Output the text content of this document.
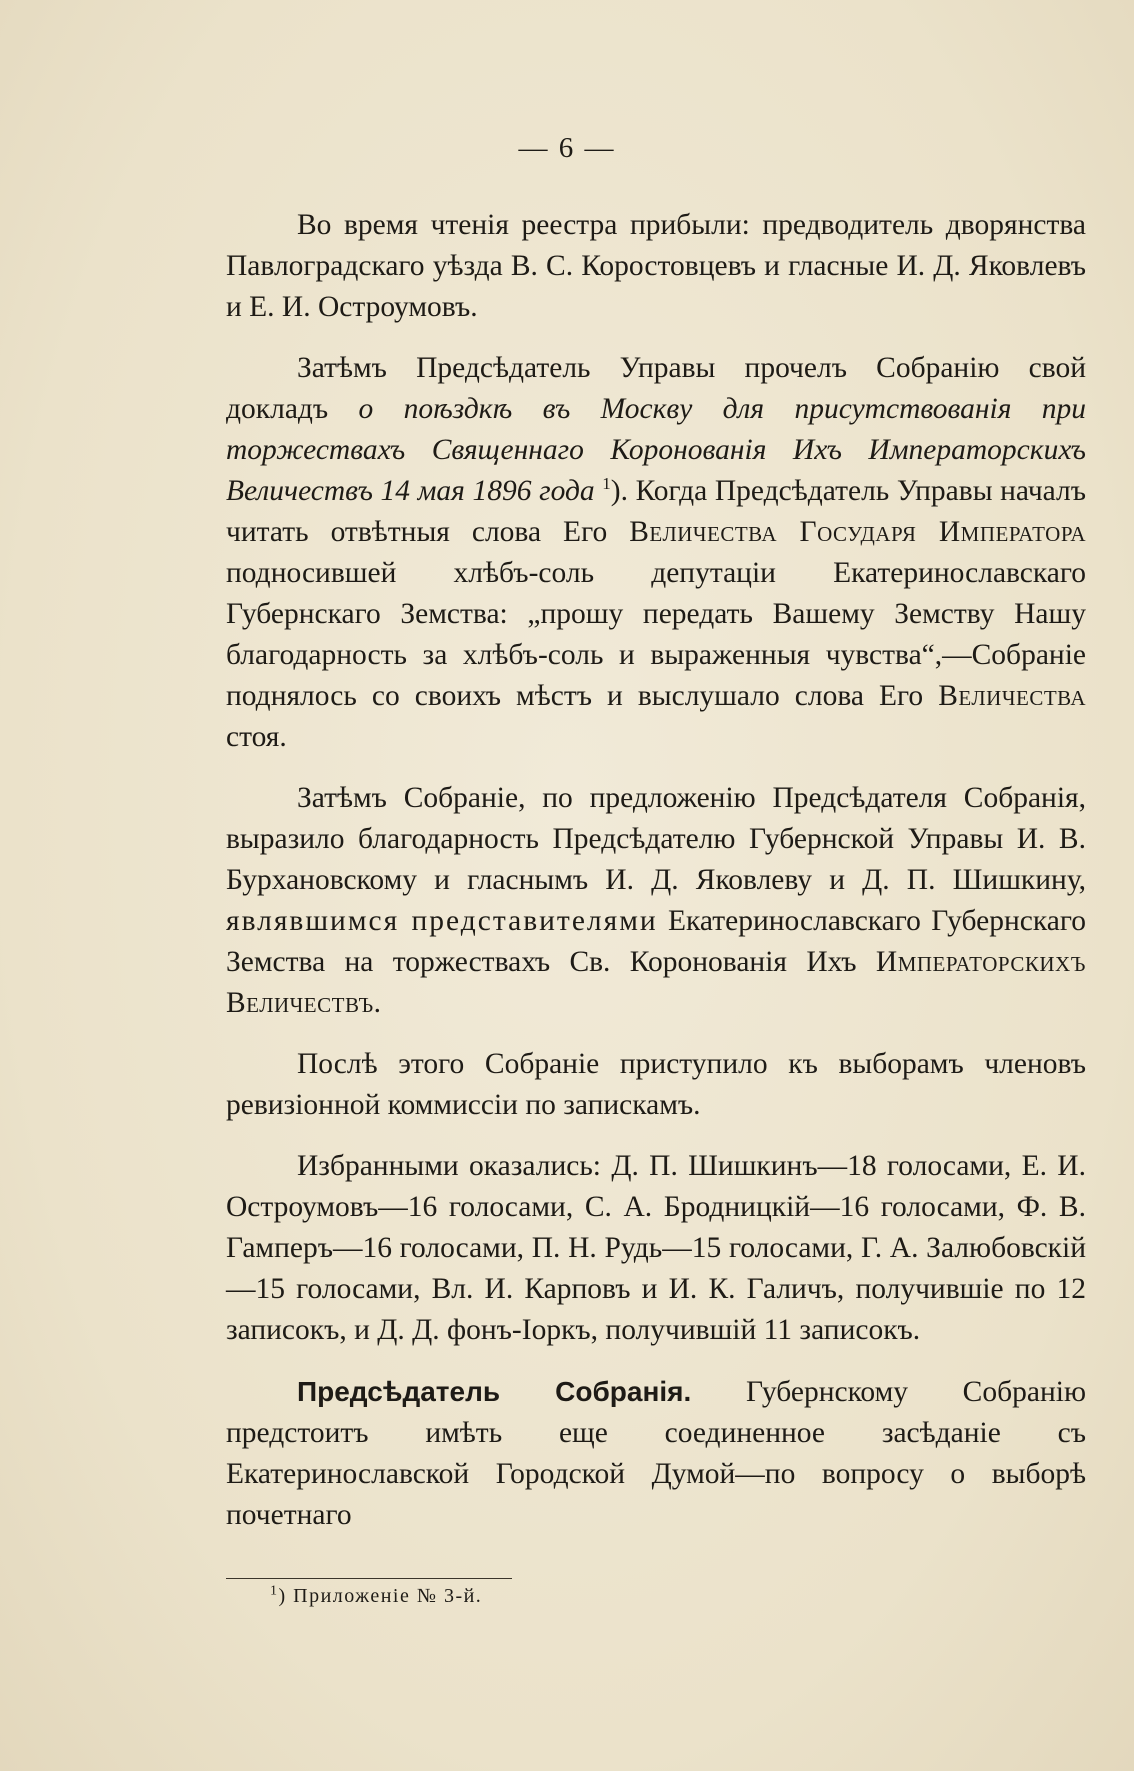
— 6 —

Во время чтенія реестра прибыли: предводитель дворянства Павлоградскаго уѣзда В. С. Коростовцевъ и гласные И. Д. Яковлевъ и Е. И. Остроумовъ.

Затѣмъ Предсѣдатель Управы прочелъ Собранію свой докладъ о поѣздкѣ въ Москву для присутствованія при торжествахъ Священнаго Коронованія Ихъ Императорскихъ Величествъ 14 мая 1896 года $^1$). Когда Предсѣдатель Управы началъ читать отвѣтныя слова Его Величества Государя Императора подносившей хлѣбъ-соль депутаціи Екатеринославскаго Губернскаго Земства: „прошу передать Вашему Земству Нашу благодарность за хлѣбъ-соль и выраженныя чувства“,—Собраніе поднялось со своихъ мѣстъ и выслушало слова Его Величества стоя.

Затѣмъ Собраніе, по предложенію Предсѣдателя Собранія, выразило благодарность Предсѣдателю Губернской Управы И. В. Бурхановскому и гласнымъ И. Д. Яковлеву и Д. П. Шишкину, являвшимся представителями Екатеринославскаго Губернскаго Земства на торжествахъ Св. Коронованія Ихъ Императорскихъ Величествъ.

Послѣ этого Собраніе приступило къ выборамъ членовъ ревизіонной коммиссіи по запискамъ.

Избранными оказались: Д. П. Шишкинъ—18 голосами, Е. И. Остроумовъ—16 голосами, С. А. Бродницкій—16 голосами, Ф. В. Гамперъ—16 голосами, П. Н. Рудь—15 голосами, Г. А. Залюбовскій—15 голосами, Вл. И. Карповъ и И. К. Галичъ, получившіе по 12 записокъ, и Д. Д. фонъ-Іоркъ, получившій 11 записокъ.

Предсѣдатель Собранія. Губернскому Собранію предстоитъ имѣть еще соединенное засѣданіе съ Екатеринославской Городской Думой—по вопросу о выборѣ почетнаго

$^1$) Приложеніе № 3-й.
